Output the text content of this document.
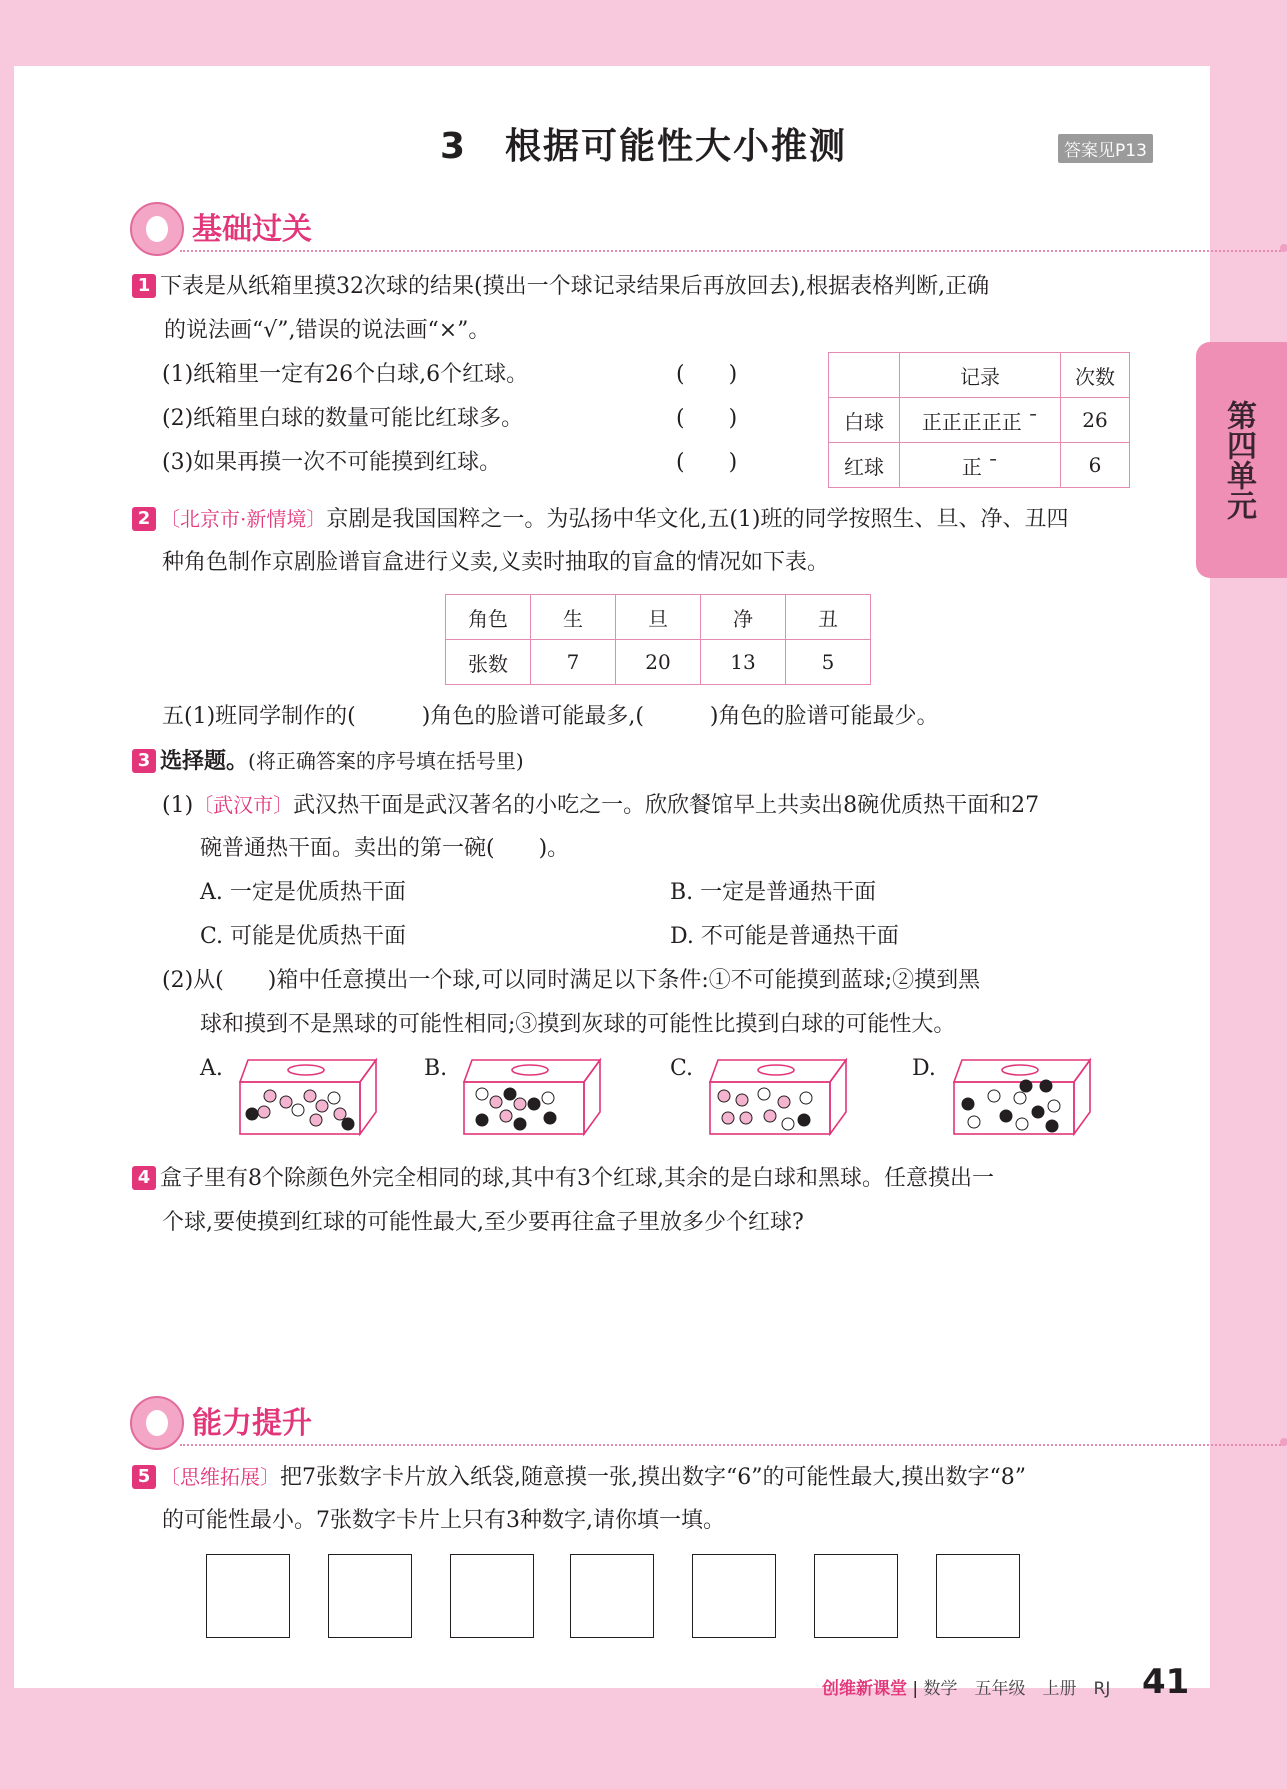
第四单元
3　根据可能性大小推测	答案见P13
基础过关
1 下表是从纸箱里摸32次球的结果(摸出一个球记录结果后再放回去),根据表格判断,正确
的说法画“√”,错误的说法画“×”。
(1)纸箱里一定有26个白球,6个红球。
(2)纸箱里白球的数量可能比红球多。
(3)如果再摸一次不可能摸到红球。
(　　)
(　　)
(　　)
	记录	次数
白球	正正正正正 ˉ	26
红球	正 ˉ	6
2 〔北京市·新情境〕京剧是我国国粹之一。为弘扬中华文化,五(1)班的同学按照生、旦、净、丑四
种角色制作京剧脸谱盲盒进行义卖,义卖时抽取的盲盒的情况如下表。
角色	生	旦	净	丑
张数	7	20	13	5
五(1)班同学制作的(　　　)角色的脸谱可能最多,(　　　)角色的脸谱可能最少。
3 选择题。(将正确答案的序号填在括号里)
(1)〔武汉市〕武汉热干面是武汉著名的小吃之一。欣欣餐馆早上共卖出8碗优质热干面和27
碗普通热干面。卖出的第一碗(　　)。
A. 一定是优质热干面	B. 一定是普通热干面
C. 可能是优质热干面	D. 不可能是普通热干面
(2)从(　　)箱中任意摸出一个球,可以同时满足以下条件:①不可能摸到蓝球;②摸到黑
球和摸到不是黑球的可能性相同;③摸到灰球的可能性比摸到白球的可能性大。
A.	B.	C.	D.
4 盒子里有8个除颜色外完全相同的球,其中有3个红球,其余的是白球和黑球。任意摸出一
个球,要使摸到红球的可能性最大,至少要再往盒子里放多少个红球?
能力提升
5 〔思维拓展〕把7张数字卡片放入纸袋,随意摸一张,摸出数字“6”的可能性最大,摸出数字“8”
的可能性最小。7张数字卡片上只有3种数字,请你填一填。
创维新课堂 | 数学　五年级　上册　RJ 41
